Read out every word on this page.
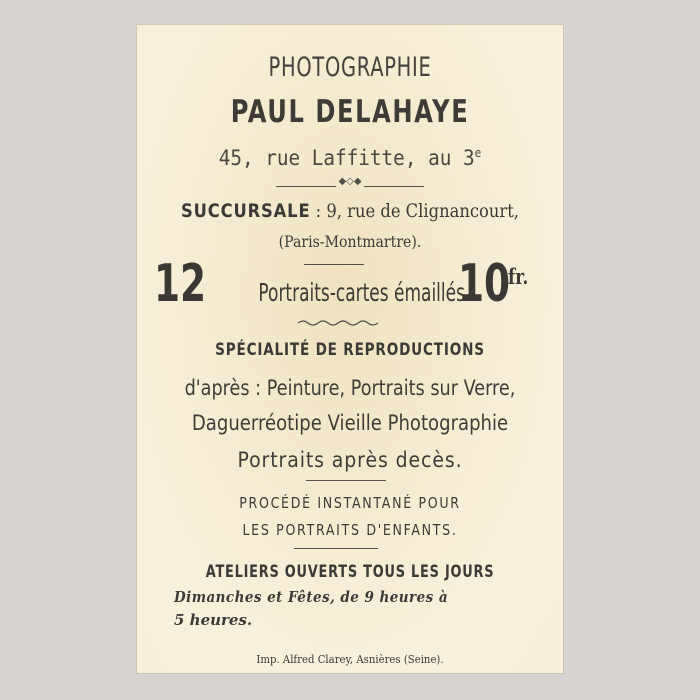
PHOTOGRAPHIE
PAUL DELAHAYE
45, rue Laffitte, au 3e
◆◇◆
SUCCURSALE : 9, rue de Clignancourt,
(Paris-Montmartre).
12 Portraits-cartes émaillés
10
fr.
SPÉCIALITÉ DE REPRODUCTIONS
d'après : Peinture, Portraits sur Verre,
Daguerréotipe Vieille Photographie
Portraits après decès.
PROCÉDÉ INSTANTANÉ POUR
LES PORTRAITS D'ENFANTS.
ATELIERS OUVERTS TOUS LES JOURS
Dimanches et Fêtes, de 9 heures à
5 heures.
Imp. Alfred Clarey, Asnières (Seine).
